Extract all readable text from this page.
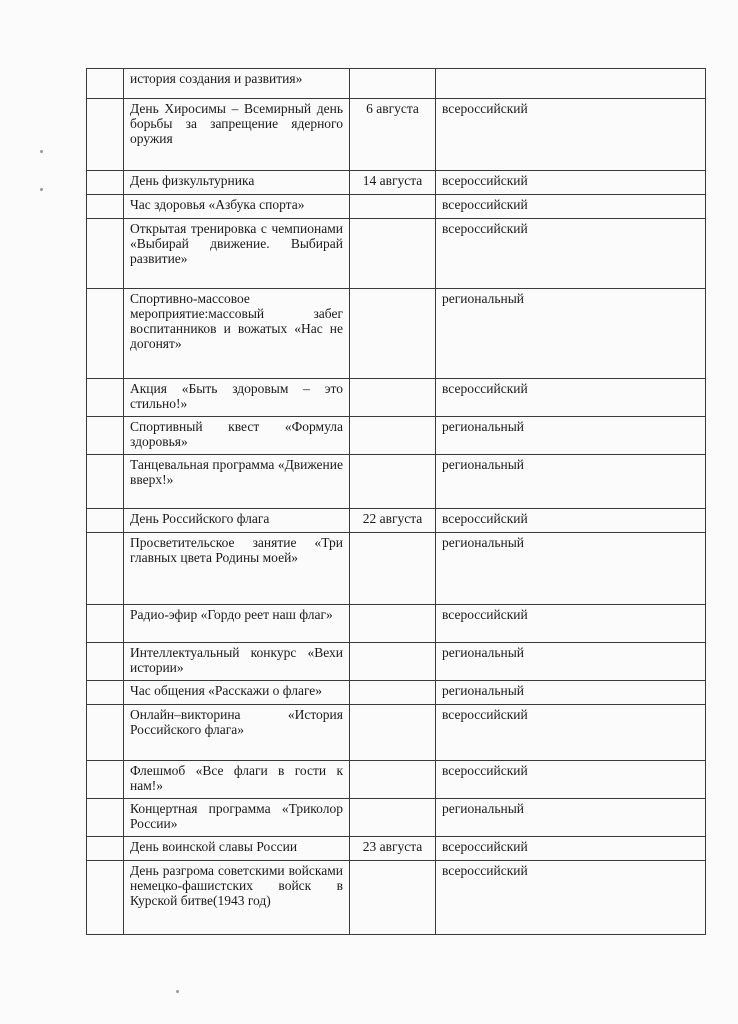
	история создания и развития»		
	День Хиросимы – Всемирный день борьбы за запрещение ядерного оружия	6 августа	всероссийский
	День физкультурника	14 августа	всероссийский
	Час здоровья «Азбука спорта»		всероссийский
	Открытая тренировка с чемпионами «Выбирай движение. Выбирай развитие»		всероссийский
	Спортивно-массовое мероприятие:массовый забег воспитанников и вожатых «Нас не догонят»		региональный
	Акция «Быть здоровым – это стильно!»		всероссийский
	Спортивный квест «Формула здоровья»		региональный
	Танцевальная программа «Движение вверх!»		региональный
	День Российского флага	22 августа	всероссийский
	Просветительское занятие «Три главных цвета Родины моей»		региональный
	Радио-эфир «Гордо реет наш флаг»		всероссийский
	Интеллектуальный конкурс «Вехи истории»		региональный
	Час общения «Расскажи о флаге»		региональный
	Онлайн–викторина «История Российского флага»		всероссийский
	Флешмоб «Все флаги в гости к нам!»		всероссийский
	Концертная программа «Триколор России»		региональный
	День воинской славы России	23 августа	всероссийский
	День разгрома советскими войсками немецко-фашистских войск в Курской битве(1943 год)		всероссийский
